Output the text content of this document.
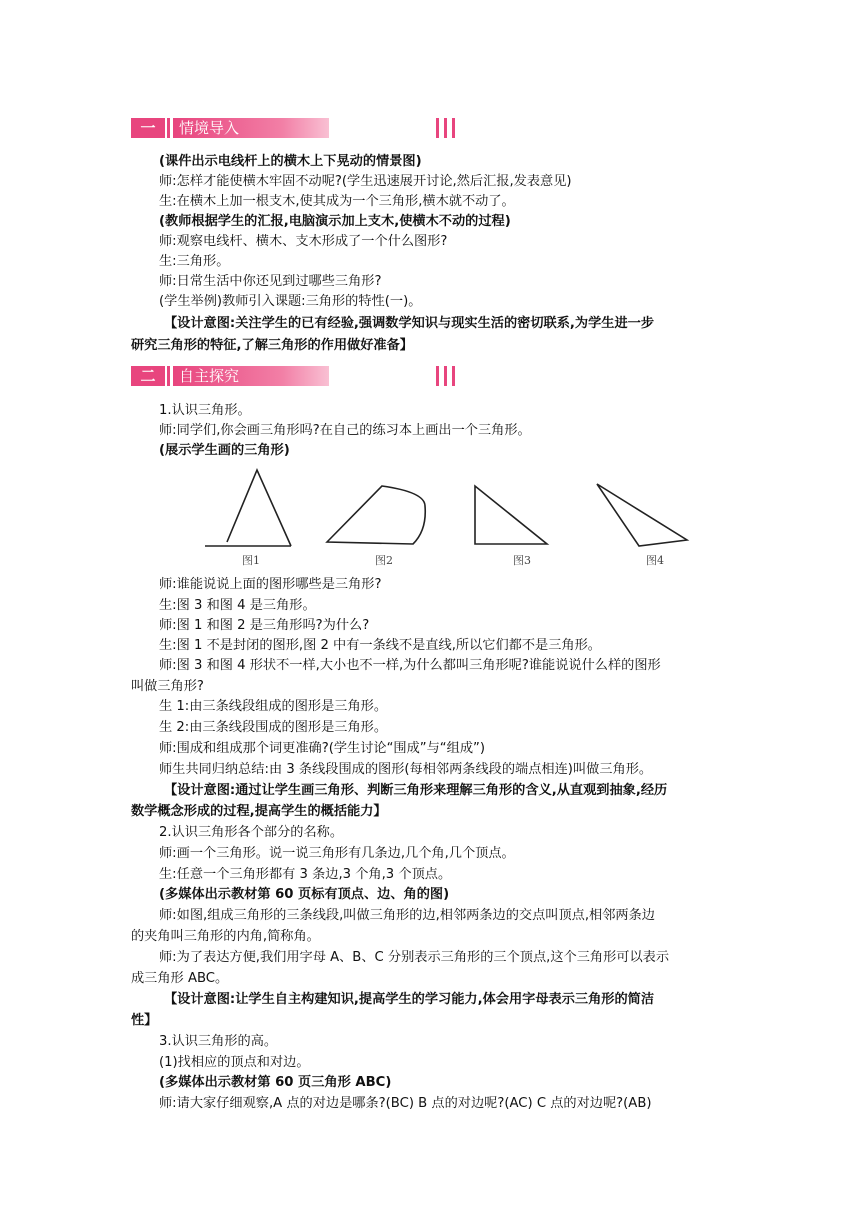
一	情境导入
(课件出示电线杆上的横木上下晃动的情景图)
师:怎样才能使横木牢固不动呢?(学生迅速展开讨论,然后汇报,发表意见)
生:在横木上加一根支木,使其成为一个三角形,横木就不动了。
(教师根据学生的汇报,电脑演示加上支木,使横木不动的过程)
师:观察电线杆、横木、支木形成了一个什么图形?
生:三角形。
师:日常生活中你还见到过哪些三角形?
(学生举例)教师引入课题:三角形的特性(一)。
【设计意图:关注学生的已有经验,强调数学知识与现实生活的密切联系,为学生进一步
研究三角形的特征,了解三角形的作用做好准备】
二	自主探究
1.认识三角形。
师:同学们,你会画三角形吗?在自己的练习本上画出一个三角形。
(展示学生画的三角形)
图1	图2	图3	图4
师:谁能说说上面的图形哪些是三角形?
生:图 3 和图 4 是三角形。
师:图 1 和图 2 是三角形吗?为什么?
生:图 1 不是封闭的图形,图 2 中有一条线不是直线,所以它们都不是三角形。
师:图 3 和图 4 形状不一样,大小也不一样,为什么都叫三角形呢?谁能说说什么样的图形
叫做三角形?
生 1:由三条线段组成的图形是三角形。
生 2:由三条线段围成的图形是三角形。
师:围成和组成那个词更准确?(学生讨论“围成”与“组成”)
师生共同归纳总结:由 3 条线段围成的图形(每相邻两条线段的端点相连)叫做三角形。
【设计意图:通过让学生画三角形、判断三角形来理解三角形的含义,从直观到抽象,经历
数学概念形成的过程,提高学生的概括能力】
2.认识三角形各个部分的名称。
师:画一个三角形。说一说三角形有几条边,几个角,几个顶点。
生:任意一个三角形都有 3 条边,3 个角,3 个顶点。
(多媒体出示教材第 60 页标有顶点、边、角的图)
师:如图,组成三角形的三条线段,叫做三角形的边,相邻两条边的交点叫顶点,相邻两条边
的夹角叫三角形的内角,简称角。
师:为了表达方便,我们用字母 A、B、C 分别表示三角形的三个顶点,这个三角形可以表示
成三角形 ABC。
【设计意图:让学生自主构建知识,提高学生的学习能力,体会用字母表示三角形的简洁
性】
3.认识三角形的高。
(1)找相应的顶点和对边。
(多媒体出示教材第 60 页三角形 ABC)
师:请大家仔细观察,A 点的对边是哪条?(BC) B 点的对边呢?(AC) C 点的对边呢?(AB)
